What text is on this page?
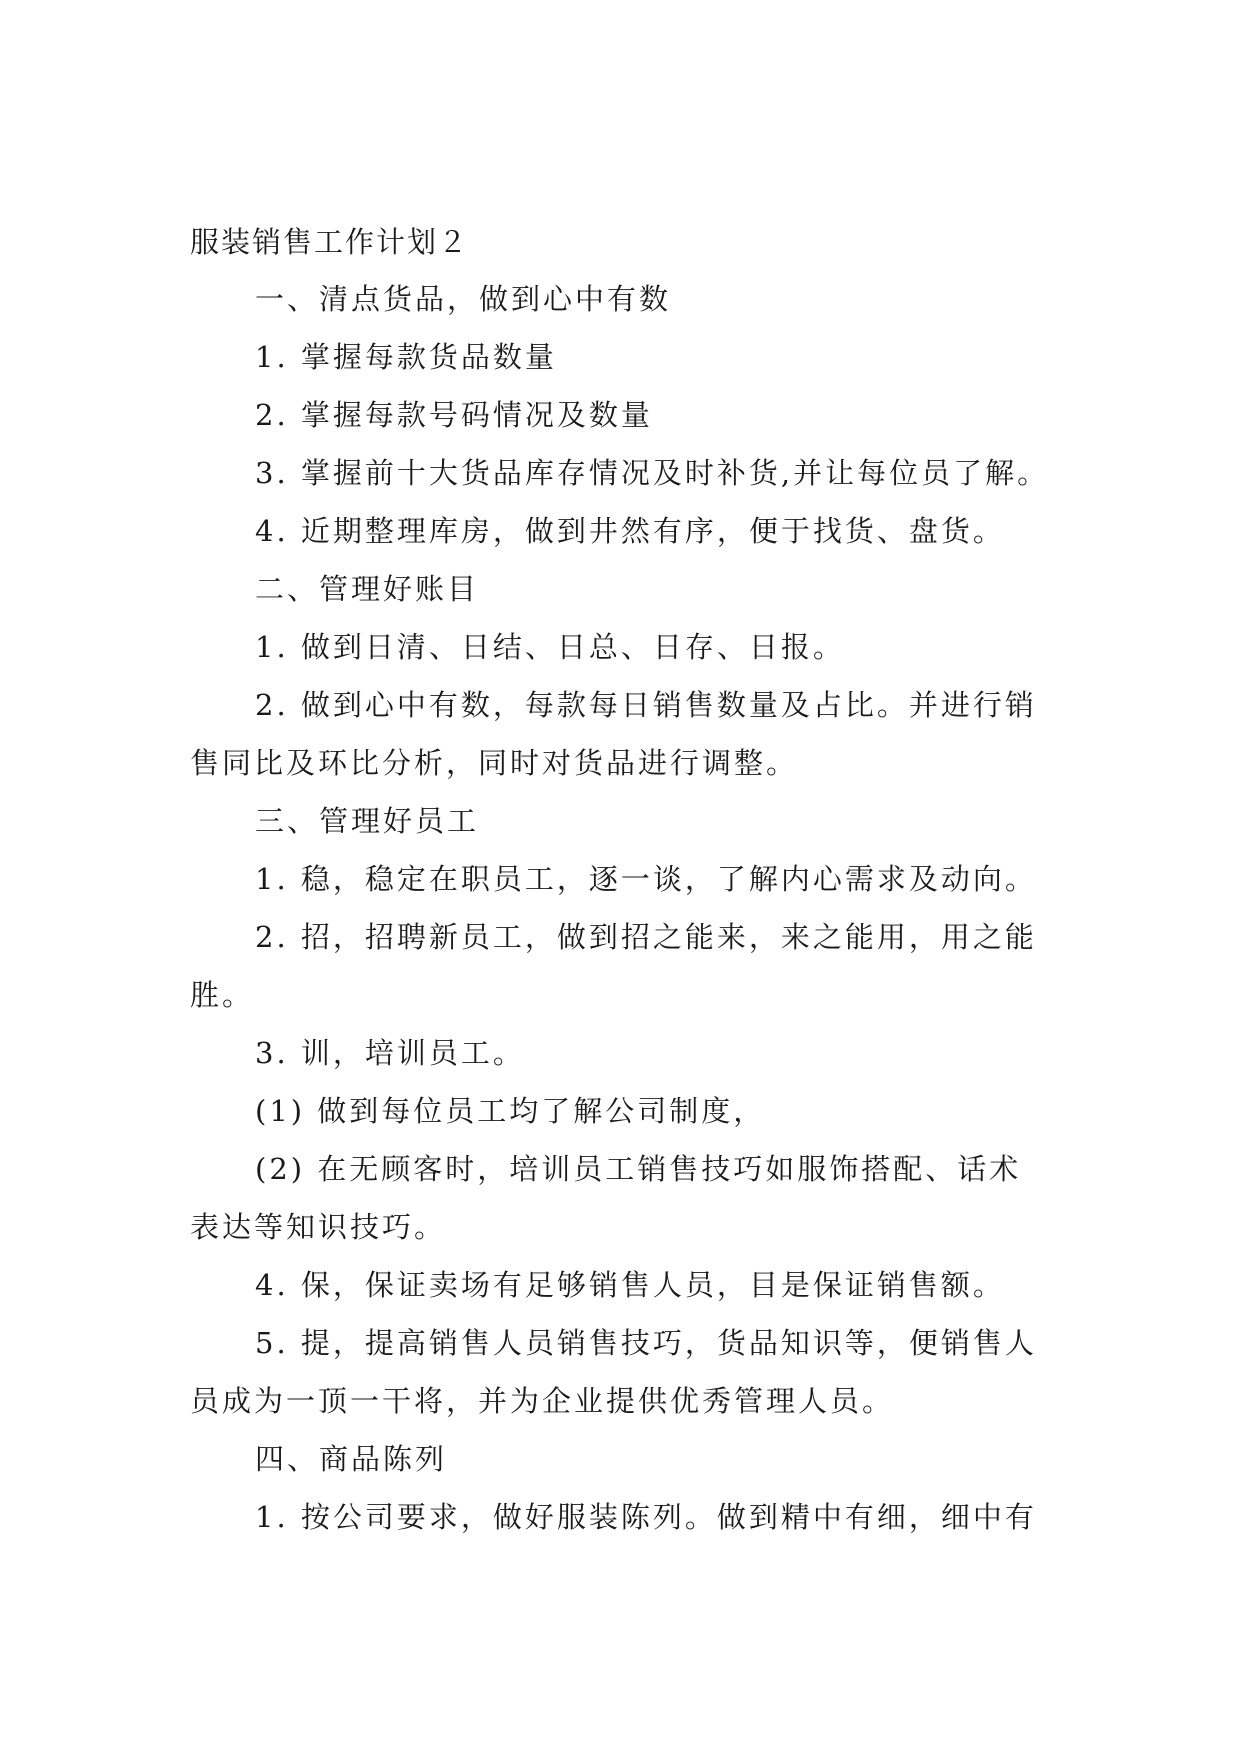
服装销售工作计划２
一、清点货品，做到心中有数
1. 掌握每款货品数量
2. 掌握每款号码情况及数量
3. 掌握前十大货品库存情况及时补货,并让每位员了解。
4. 近期整理库房，做到井然有序，便于找货、盘货。
二、管理好账目
1. 做到日清、日结、日总、日存、日报。
2. 做到心中有数，每款每日销售数量及占比。并进行销
售同比及环比分析，同时对货品进行调整。
三、管理好员工
1. 稳，稳定在职员工，逐一谈，了解内心需求及动向。
2. 招，招聘新员工，做到招之能来，来之能用，用之能
胜。
3. 训，培训员工。
(1) 做到每位员工均了解公司制度，
(2) 在无顾客时，培训员工销售技巧如服饰搭配、话术
表达等知识技巧。
4. 保，保证卖场有足够销售人员，目是保证销售额。
5. 提，提高销售人员销售技巧，货品知识等，便销售人
员成为一顶一干将，并为企业提供优秀管理人员。
四、商品陈列
1. 按公司要求，做好服装陈列。做到精中有细，细中有
